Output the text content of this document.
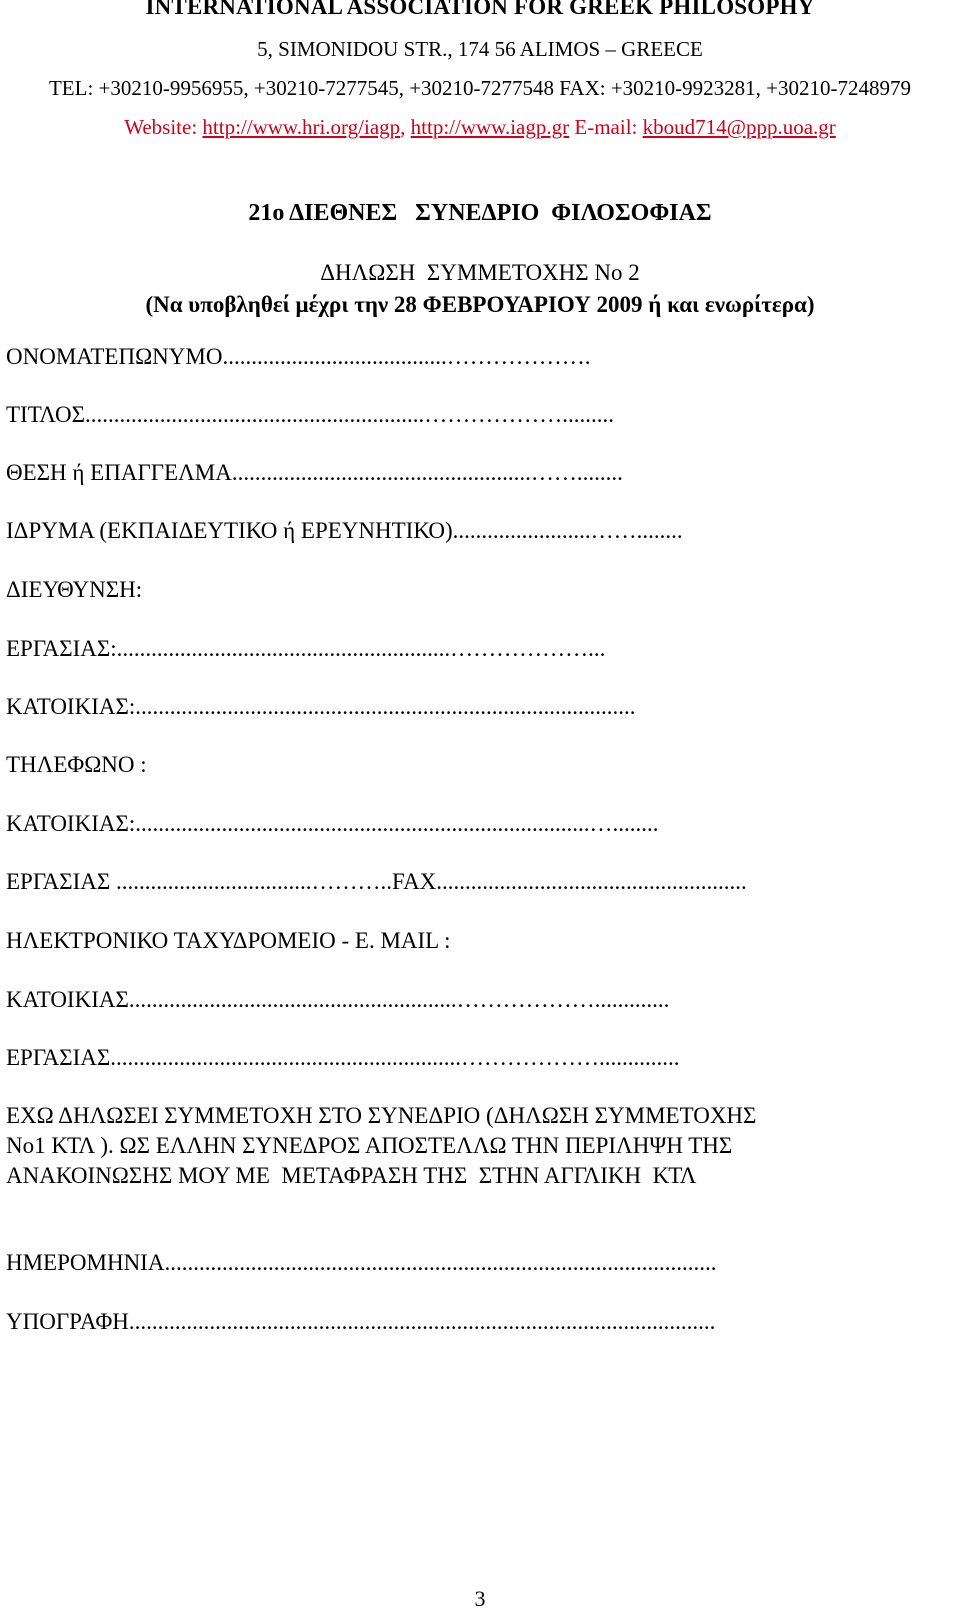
INTERNATIONAL ASSOCIATION FOR GREEK PHILOSOPHY
5, SIMONIDOU STR., 174 56 ALIMOS – GREECE
TEL: +30210-9956955, +30210-7277545, +30210-7277548 FAX: +30210-9923281, +30210-7248979
Website: http://www.hri.org/iagp, http://www.iagp.gr E-mail: kboud714@ppp.uoa.gr
21ο ΔΙΕΘΝΕΣ   ΣΥΝΕΔΡΙΟ  ΦΙΛΟΣΟΦΙΑΣ
ΔΗΛΩΣΗ  ΣΥΜΜΕΤΟΧΗΣ Νο 2
(Να υποβληθεί μέχρι την 28 ΦΕΒΡΟΥΑΡΙΟΥ 2009 ή και ενωρίτερα)
ΟΝΟΜΑΤΕΠΩΝΥΜΟ.......................................……………….
ΤΙΤΛΟΣ...........................................................……………….........
ΘΕΣΗ ή ΕΠΑΓΓΕΛΜΑ....................................................……........
ΙΔΡΥΜΑ (ΕΚΠΑΙΔΕΥΤΙΚΟ ή ΕΡΕΥΝΗΤΙΚΟ)........................……........
ΔΙΕΥΘΥΝΣΗ:
ΕΡΓΑΣΙΑΣ:..........................................................………………...
ΚΑΤΟΙΚΙΑΣ:.......................................................................................
ΤΗΛΕΦΩΝΟ :
ΚΑΤΟΙΚΙΑΣ:...............................................................................…........
ΕΡΓΑΣΙΑΣ ..................................………..FAX......................................................
ΗΛΕΚΤΡΟΝΙΚΟ ΤΑΧΥΔΡΟΜΕΙΟ - E. MAIL :
ΚΑΤΟΙΚΙΑΣ.........................................................……………….............
ΕΡΓΑΣΙΑΣ.............................................................………………..............
ΕΧΩ ΔΗΛΩΣΕΙ ΣΥΜΜΕΤΟΧΗ ΣΤΟ ΣΥΝΕΔΡΙΟ (ΔΗΛΩΣΗ ΣΥΜΜΕΤΟΧΗΣ
Νο1 ΚΤΛ ). ΩΣ ΕΛΛΗΝ ΣΥΝΕΔΡΟΣ ΑΠΟΣΤΕΛΛΩ ΤΗΝ ΠΕΡΙΛΗΨΗ ΤΗΣ
ΑΝΑΚΟΙΝΩΣΗΣ ΜΟΥ ΜΕ  ΜΕΤΑΦΡΑΣΗ ΤΗΣ  ΣΤΗΝ ΑΓΓΛΙΚΗ  ΚΤΛ
ΗΜΕΡΟΜΗΝΙΑ................................................................................................
ΥΠΟΓΡΑΦΗ......................................................................................................
3
